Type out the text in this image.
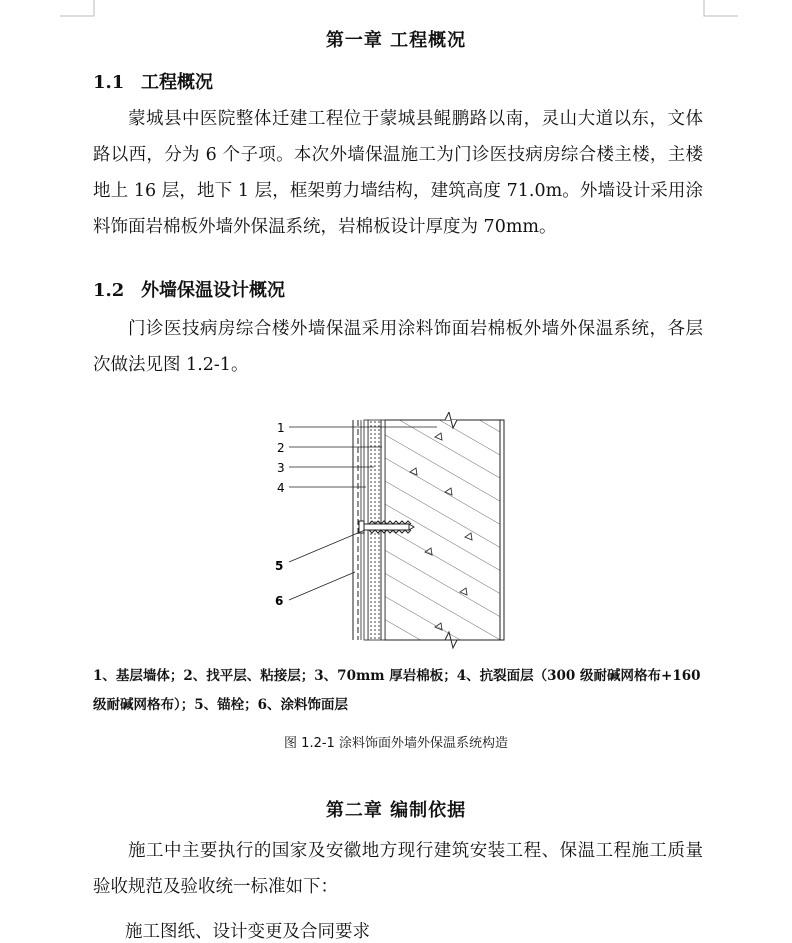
第一章 工程概况
1.1 工程概况

蒙城县中医院整体迁建工程位于蒙城县鲲鹏路以南，灵山大道以东，文体路以西，分为 6 个子项。本次外墙保温施工为门诊医技病房综合楼主楼，主楼地上 16 层，地下 1 层，框架剪力墙结构，建筑高度 71.0m。外墙设计采用涂料饰面岩棉板外墙外保温系统，岩棉板设计厚度为 70mm。

1.2 外墙保温设计概况

门诊医技病房综合楼外墙保温采用涂料饰面岩棉板外墙外保温系统，各层次做法见图 1.2-1。

1
2
3
4
5
6

1、基层墙体；2、找平层、粘接层；3、70mm 厚岩棉板；4、抗裂面层（300 级耐碱网格布+160 级耐碱网格布）；5、锚栓；6、涂料饰面层

图 1.2-1 涂料饰面外墙外保温系统构造
第二章 编制依据

施工中主要执行的国家及安徽地方现行建筑安装工程、保温工程施工质量验收规范及验收统一标准如下：

施工图纸、设计变更及合同要求
